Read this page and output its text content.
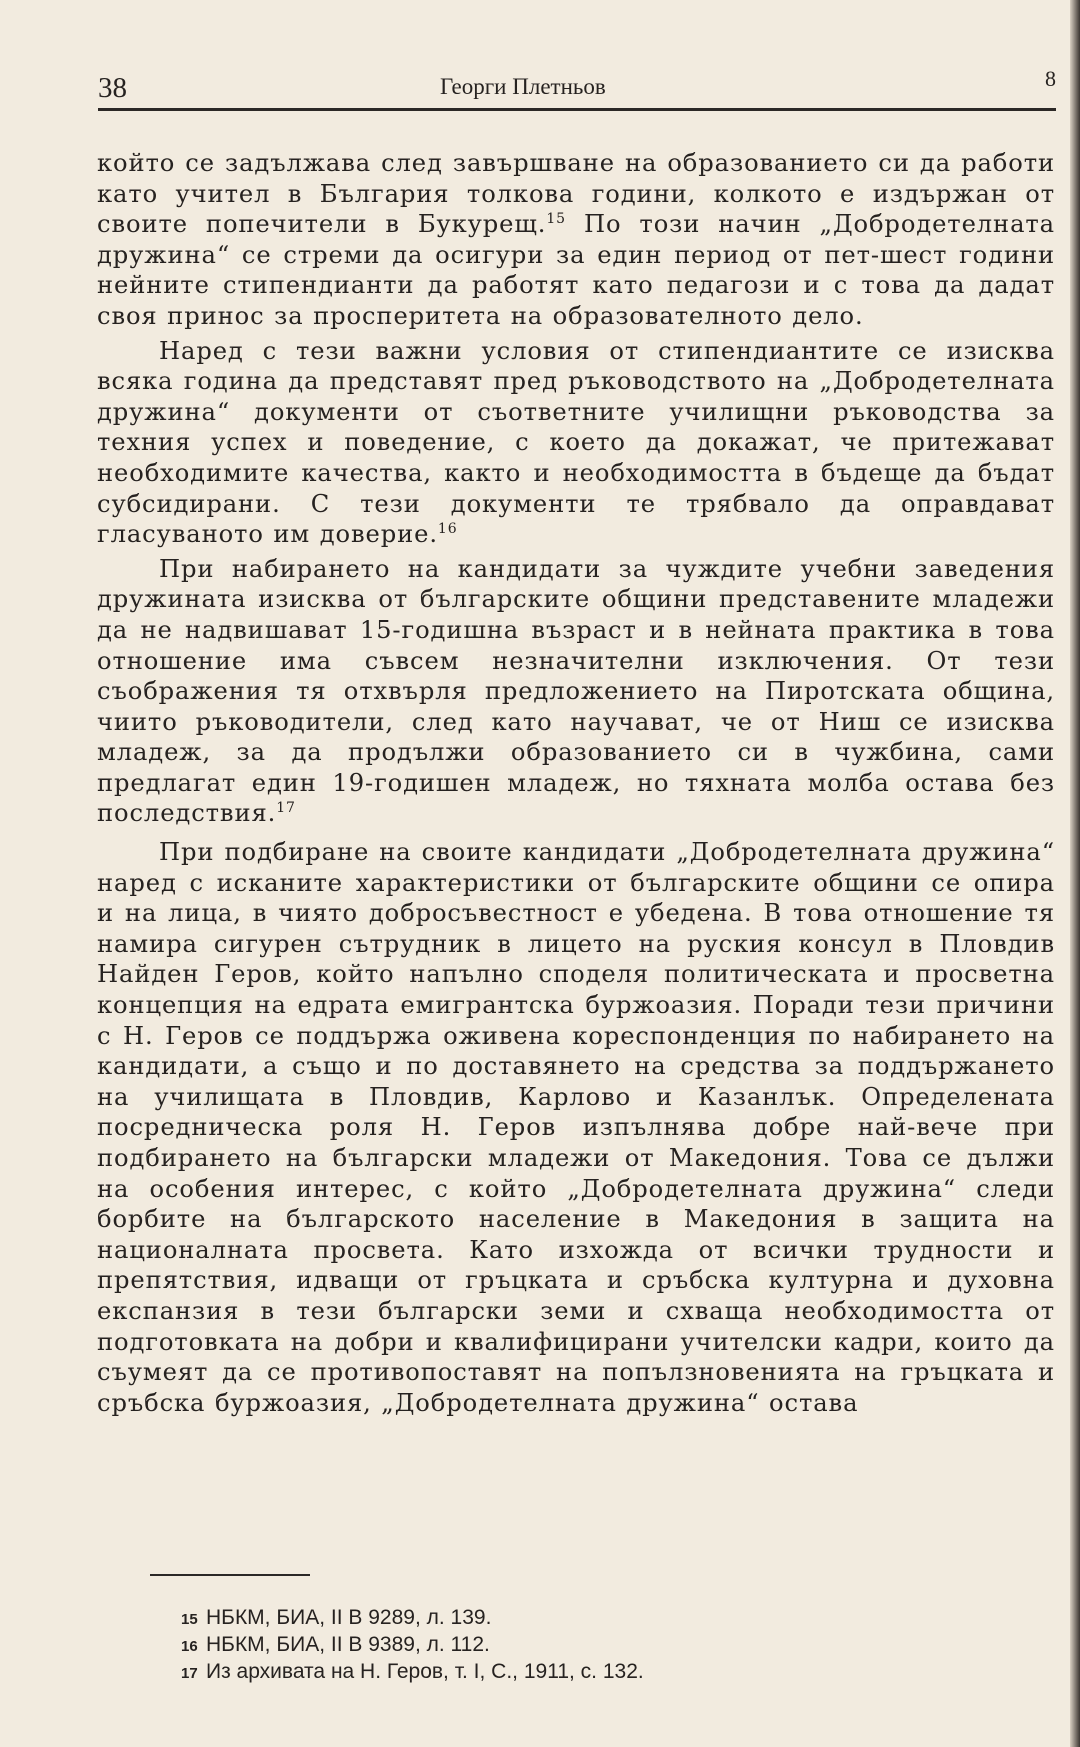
38	Георги Плетньов	8

който се задължава след завършване на образованието си да работи като учител в България толкова години, колкото е издържан от своите попечители в Букурещ.$^{15}$ По този начин „Добродетелната дружина“ се стреми да осигури за един период от пет-шест години нейните стипендианти да работят като педагози и с това да дадат своя принос за просперитета на образователното дело.

Наред с тези важни условия от стипендиантите се изисква всяка година да представят пред ръководството на „Добродетелната дружина“ документи от съответните училищни ръководства за техния успех и поведение, с което да докажат, че притежават необходимите качества, както и необходимостта в бъдеще да бъдат субсидирани. С тези документи те трябвало да оправдават гласуваното им доверие.$^{16}$

При набирането на кандидати за чуждите учебни заведения дружината изисква от българските общини представените младежи да не надвишават 15-годишна възраст и в нейната практика в това отношение има съвсем незначителни изключения. От тези съображения тя отхвърля предложението на Пиротската община, чиито ръководители, след като научават, че от Ниш се изисква младеж, за да продължи образованието си в чужбина, сами предлагат един 19-годишен младеж, но тяхната молба остава без последствия.$^{17}$

При подбиране на своите кандидати „Добродетелната дружина“ наред с исканите характеристики от българските общини се опира и на лица, в чиято добросъвестност е убедена. В това отношение тя намира сигурен сътрудник в лицето на руския консул в Пловдив Найден Геров, който напълно споделя политическата и просветна концепция на едрата емигрантска буржоазия. Поради тези причини с Н. Геров се поддържа оживена кореспонденция по набирането на кандидати, а също и по доставянето на средства за поддържането на училищата в Пловдив, Карлово и Казанлък. Определената посредническа роля Н. Геров изпълнява добре най-вече при подбирането на български младежи от Македония. Това се дължи на особения интерес, с който „Добродетелната дружина“ следи борбите на българското население в Македония в защита на националната просвета. Като изхожда от всички трудности и препятствия, идващи от гръцката и сръбска културна и духовна експанзия в тези български земи и схваща необходимостта от подготовката на добри и квалифицирани учителски кадри, които да съумеят да се противопоставят на попълзновенията на гръцката и сръбска буржоазия, „Добродетелната дружина“ остава

15 НБКМ, БИА, II В 9289, л. 139.

16 НБКМ, БИА, II В 9389, л. 112.

17 Из архивата на Н. Геров, т. I, С., 1911, с. 132.
